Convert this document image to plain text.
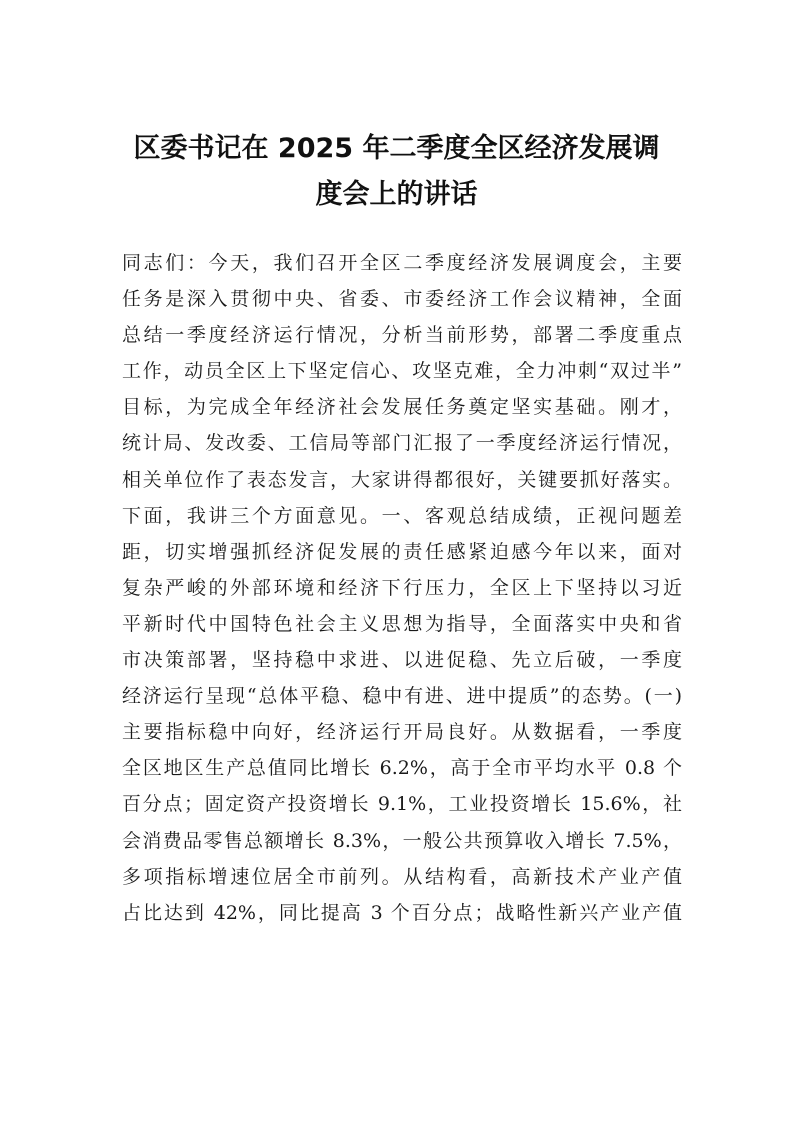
区委书记在 2025 年二季度全区经济发展调
度会上的讲话
同志们：今天，我们召开全区二季度经济发展调度会，主要
任务是深入贯彻中央、省委、市委经济工作会议精神，全面
总结一季度经济运行情况，分析当前形势，部署二季度重点
工作，动员全区上下坚定信心、攻坚克难，全力冲刺“双过半”
目标，为完成全年经济社会发展任务奠定坚实基础。刚才，
统计局、发改委、工信局等部门汇报了一季度经济运行情况，
相关单位作了表态发言，大家讲得都很好，关键要抓好落实。
下面，我讲三个方面意见。一、客观总结成绩，正视问题差
距，切实增强抓经济促发展的责任感紧迫感今年以来，面对
复杂严峻的外部环境和经济下行压力，全区上下坚持以习近
平新时代中国特色社会主义思想为指导，全面落实中央和省
市决策部署，坚持稳中求进、以进促稳、先立后破，一季度
经济运行呈现“总体平稳、稳中有进、进中提质”的态势。(一)
主要指标稳中向好，经济运行开局良好。从数据看，一季度
全区地区生产总值同比增长 6.2%，高于全市平均水平 0.8 个
百分点；固定资产投资增长 9.1%，工业投资增长 15.6%，社
会消费品零售总额增长 8.3%，一般公共预算收入增长 7.5%，
多项指标增速位居全市前列。从结构看，高新技术产业产值
占比达到 42%，同比提高 3 个百分点；战略性新兴产业产值
